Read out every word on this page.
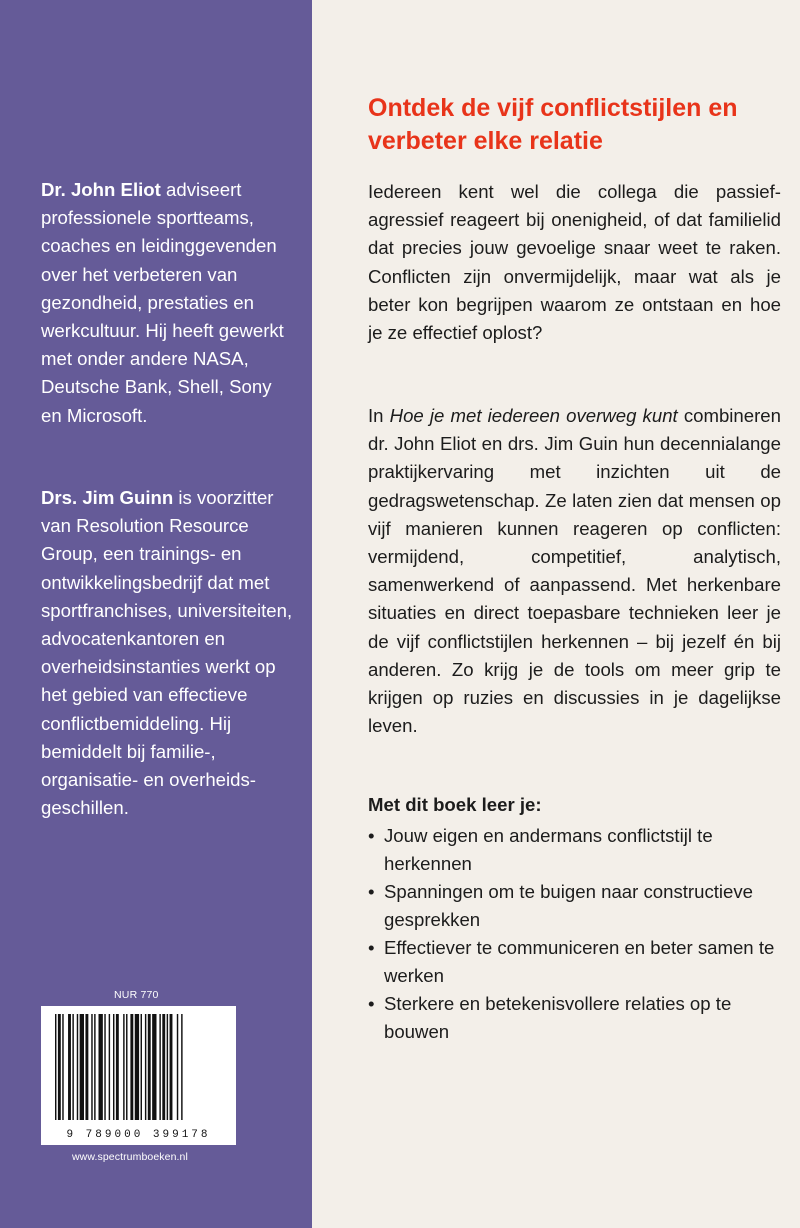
Dr. John Eliot adviseert professionele sportteams, coaches en leidinggevenden over het verbeteren van gezondheid, prestaties en werkcultuur. Hij heeft gewerkt met onder andere NASA, Deutsche Bank, Shell, Sony en Microsoft.
Drs. Jim Guinn is voorzitter van Resolution Resource Group, een trainings- en ontwikkelingsbedrijf dat met sportfranchises, universiteiten, advocatenkantoren en overheidsinstanties werkt op het gebied van effectieve conflictbemiddeling. Hij bemiddelt bij familie-, organisatie- en overheidsgeschillen.
NUR 770
9 789000 399178
www.spectrumboeken.nl
Ontdek de vijf conflictstijlen en verbeter elke relatie

Iedereen kent wel die collega die passief-agressief reageert bij onenigheid, of dat familielid dat precies jouw gevoelige snaar weet te raken. Conflicten zijn onvermijdelijk, maar wat als je beter kon begrijpen waarom ze ontstaan en hoe je ze effectief oplost?

In Hoe je met iedereen overweg kunt combineren dr. John Eliot en drs. Jim Guin hun decennialange praktijkervaring met inzichten uit de gedragswetenschap. Ze laten zien dat mensen op vijf manieren kunnen reageren op conflicten: vermijdend, competitief, analytisch, samenwerkend of aanpassend. Met herkenbare situaties en direct toepasbare technieken leer je de vijf conflictstijlen herkennen – bij jezelf én bij anderen. Zo krijg je de tools om meer grip te krijgen op ruzies en discussies in je dagelijkse leven.

Met dit boek leer je:

• Jouw eigen en andermans conflictstijl te herkennen
• Spanningen om te buigen naar constructieve gesprekken
• Effectiever te communiceren en beter samen te werken
• Sterkere en betekenisvollere relaties op te bouwen
